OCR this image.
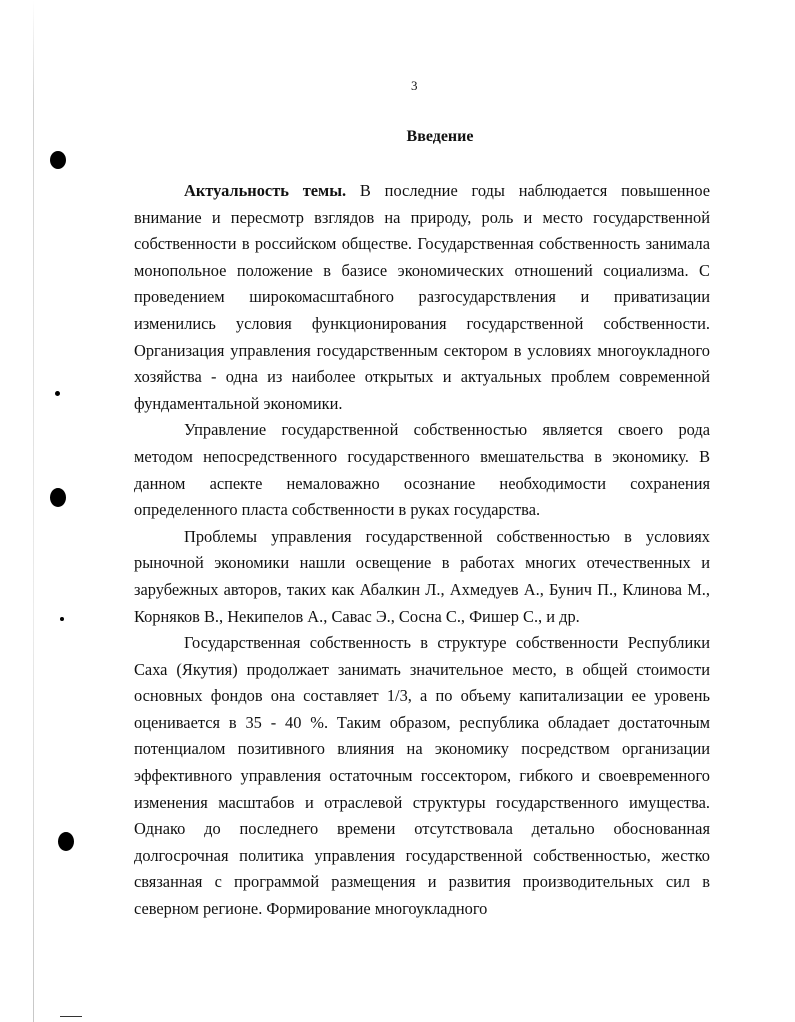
3
Введение

Актуальность темы. В последние годы наблюдается повышенное внимание и пересмотр взглядов на природу, роль и место государственной собственности в российском обществе. Государственная собственность занимала монопольное положение в базисе экономических отношений социализма. С проведением широкомасштабного разгосударствления и приватизации изменились условия функционирования государственной собственности. Организация управления государственным сектором в условиях многоукладного хозяйства - одна из наиболее открытых и актуальных проблем современной фундаментальной экономики.

Управление государственной собственностью является своего рода методом непосредственного государственного вмешательства в экономику. В данном аспекте немаловажно осознание необходимости сохранения определенного пласта собственности в руках государства.

Проблемы управления государственной собственностью в условиях рыночной экономики нашли освещение в работах многих отечественных и зарубежных авторов, таких как Абалкин Л., Ахмедуев А., Бунич П., Клинова М., Корняков В., Некипелов А., Савас Э., Сосна С., Фишер С., и др.

Государственная собственность в структуре собственности Республики Саха (Якутия) продолжает занимать значительное место, в общей стоимости основных фондов она составляет 1/3, а по объему капитализации ее уровень оценивается в 35 - 40 %. Таким образом, республика обладает достаточным потенциалом позитивного влияния на экономику посредством организации эффективного управления остаточным госсектором, гибкого и своевременного изменения масштабов и отраслевой структуры государственного имущества. Однако до последнего времени отсутствовала детально обоснованная долгосрочная политика управления государственной собственностью, жестко связанная с программой размещения и развития производительных сил в северном регионе. Формирование многоукладного
